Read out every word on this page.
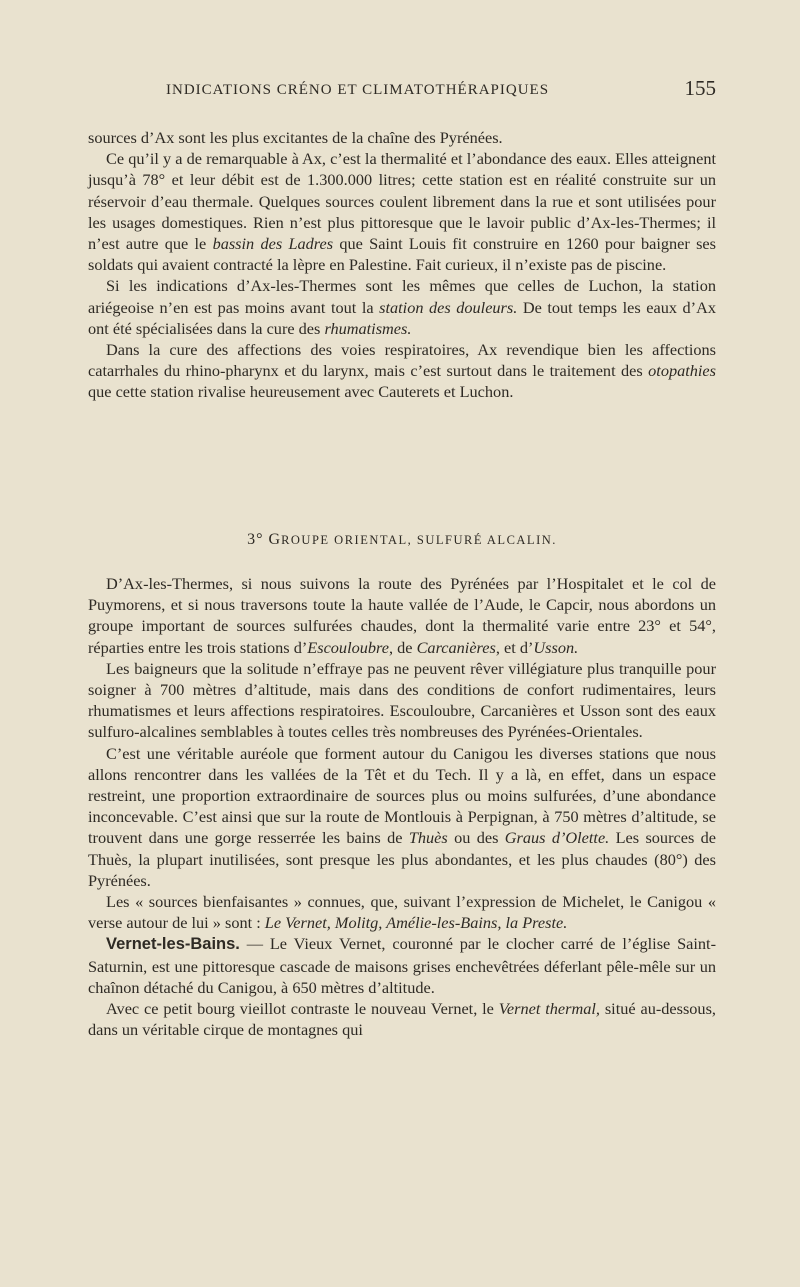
INDICATIONS CRÉNO ET CLIMATOTHÉRAPIQUES	155

sources d’Ax sont les plus excitantes de la chaîne des Pyrénées.

Ce qu’il y a de remarquable à Ax, c’est la thermalité et l’abondance des eaux. Elles atteignent jusqu’à 78° et leur débit est de 1.300.000 litres; cette station est en réalité construite sur un réservoir d’eau thermale. Quelques sources coulent librement dans la rue et sont utilisées pour les usages domestiques. Rien n’est plus pittoresque que le lavoir public d’Ax-les-Thermes; il n’est autre que le bassin des Ladres que Saint Louis fit construire en 1260 pour baigner ses soldats qui avaient contracté la lèpre en Palestine. Fait curieux, il n’existe pas de piscine.

Si les indications d’Ax-les-Thermes sont les mêmes que celles de Luchon, la station ariégeoise n’en est pas moins avant tout la station des douleurs. De tout temps les eaux d’Ax ont été spécialisées dans la cure des rhumatismes.

Dans la cure des affections des voies respiratoires, Ax revendique bien les affections catarrhales du rhino-pharynx et du larynx, mais c’est surtout dans le traitement des otopathies que cette station rivalise heureusement avec Cauterets et Luchon.

3° GROUPE ORIENTAL, SULFURÉ ALCALIN.

D’Ax-les-Thermes, si nous suivons la route des Pyrénées par l’Hospitalet et le col de Puymorens, et si nous traversons toute la haute vallée de l’Aude, le Capcir, nous abordons un groupe important de sources sulfurées chaudes, dont la thermalité varie entre 23° et 54°, réparties entre les trois stations d’Escouloubre, de Carcanières, et d’Usson.

Les baigneurs que la solitude n’effraye pas ne peuvent rêver villégiature plus tranquille pour soigner à 700 mètres d’altitude, mais dans des conditions de confort rudimentaires, leurs rhumatismes et leurs affections respiratoires. Escouloubre, Carcanières et Usson sont des eaux sulfuro-alcalines semblables à toutes celles très nombreuses des Pyrénées-Orientales.

C’est une véritable auréole que forment autour du Canigou les diverses stations que nous allons rencontrer dans les vallées de la Têt et du Tech. Il y a là, en effet, dans un espace restreint, une proportion extraordinaire de sources plus ou moins sulfurées, d’une abondance inconcevable. C’est ainsi que sur la route de Montlouis à Perpignan, à 750 mètres d’altitude, se trouvent dans une gorge resserrée les bains de Thuès ou des Graus d’Olette. Les sources de Thuès, la plupart inutilisées, sont presque les plus abondantes, et les plus chaudes (80°) des Pyrénées.

Les « sources bienfaisantes » connues, que, suivant l’expression de Michelet, le Canigou « verse autour de lui » sont : Le Vernet, Molitg, Amélie-les-Bains, la Preste.

Vernet-les-Bains. — Le Vieux Vernet, couronné par le clocher carré de l’église Saint-Saturnin, est une pittoresque cascade de maisons grises enchevêtrées déferlant pêle-mêle sur un chaînon détaché du Canigou, à 650 mètres d’altitude.

Avec ce petit bourg vieillot contraste le nouveau Vernet, le Vernet thermal, situé au-dessous, dans un véritable cirque de montagnes qui
